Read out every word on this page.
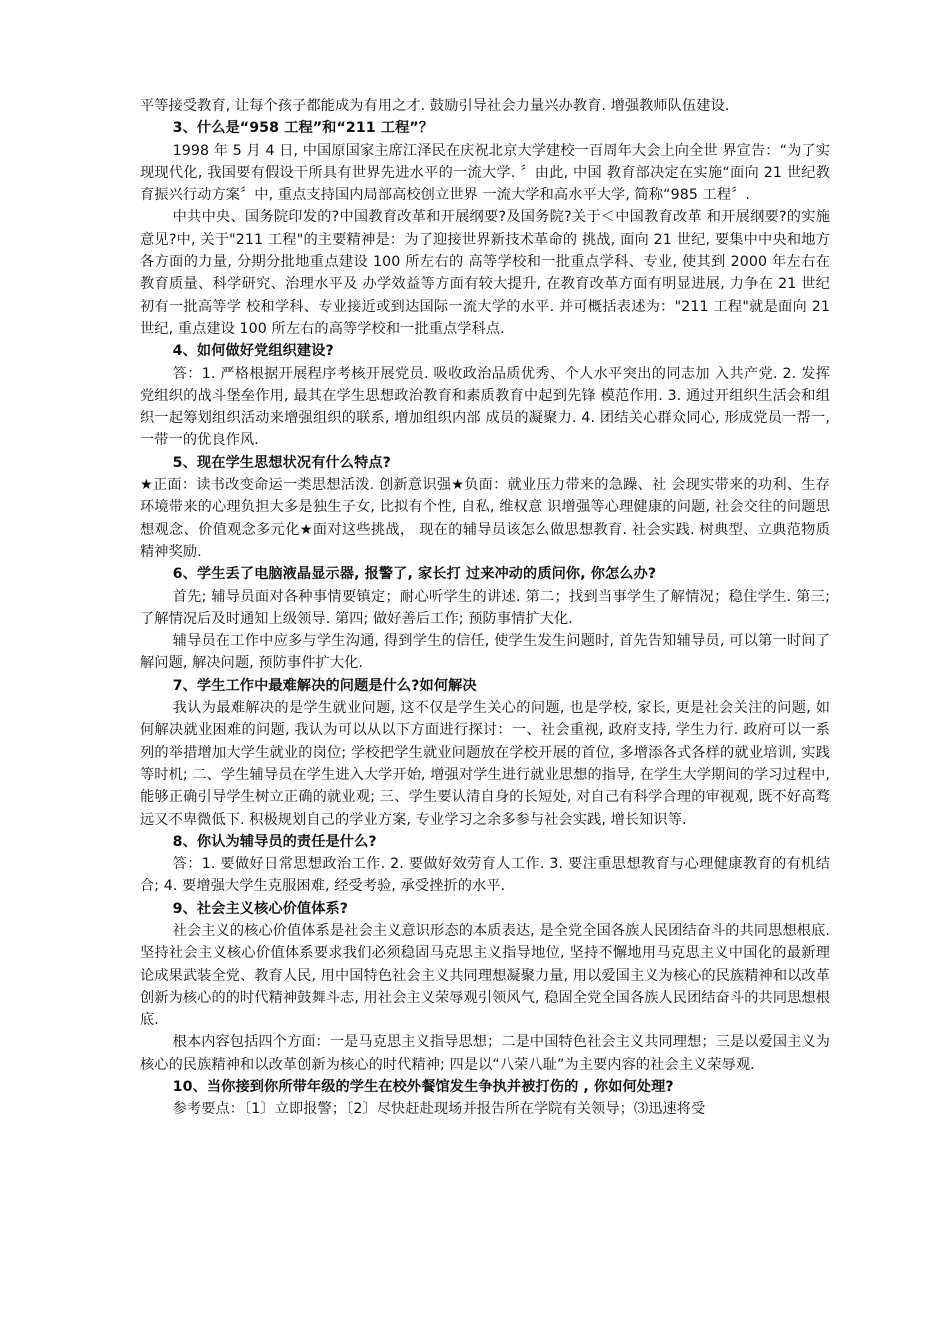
平等接受教育, 让每个孩子都能成为有用之才. 鼓励引导社会力量兴办教育. 增强教师队伍建设.

3、什么是“958 工程”和“211 工程”？

1998 年 5 月 4 日, 中国原国家主席江泽民在庆祝北京大学建校一百周年大会上向全世 界宣告：“为了实现现代化, 我国要有假设干所具有世界先进水平的一流大学. 〞由此, 中国 教育部决定在实施“面向 21 世纪教育振兴行动方案〞中, 重点支持国内局部高校创立世界 一流大学和高水平大学, 简称“985 工程〞.

中共中央、国务院印发的?中国教育改革和开展纲要?及国务院?关于＜中国教育改革 和开展纲要?的实施意见?中, 关于"211 工程"的主要精神是：为了迎接世界新技术革命的 挑战, 面向 21 世纪, 要集中中央和地方各方面的力量, 分期分批地重点建设 100 所左右的 高等学校和一批重点学科、专业, 使其到 2000 年左右在教育质量、科学研究、治理水平及 办学效益等方面有较大提升, 在教育改革方面有明显进展, 力争在 21 世纪初有一批高等学 校和学科、专业接近或到达国际一流大学的水平. 并可概括表述为："211 工程"就是面向 21 世纪, 重点建设 100 所左右的高等学校和一批重点学科点.

4、如何做好党组织建设?

答：1. 严格根据开展程序考核开展党员. 吸收政治品质优秀、个人水平突出的同志加 入共产党. 2. 发挥党组织的战斗堡垒作用, 最其在学生思想政治教育和素质教育中起到先锋 模范作用. 3. 通过开组织生活会和组织一起筹划组织活动来增强组织的联系, 增加组织内部 成员的凝聚力. 4. 团结关心群众同心, 形成党员一帮一, 一带一的优良作风.

5、现在学生思想状况有什么特点?

★正面：读书改变命运一类思想活泼. 创新意识强★负面：就业压力带来的急躁、社 会现实带来的功利、生存环境带来的心理负担大多是独生子女, 比拟有个性, 自私, 维权意 识增强等心理健康的问题, 社会交往的问题思想观念、价值观念多元化★面对这些挑战， 现在的辅导员该怎么做思想教育. 社会实践. 树典型、立典范物质精神奖励.

6、学生丢了电脑液晶显示器, 报警了, 家长打 过来冲动的质问你, 你怎么办?

首先; 辅导员面对各种事情要镇定；耐心听学生的讲述. 第二；找到当事学生了解情况；稳住学生. 第三; 了解情况后及时通知上级领导. 第四; 做好善后工作; 预防事情扩大化.

辅导员在工作中应多与学生沟通, 得到学生的信任, 使学生发生问题时, 首先告知辅导员, 可以第一时间了解问题, 解决问题, 预防事件扩大化.

7、学生工作中最难解决的问题是什么?如何解决

我认为最难解决的是学生就业问题, 这不仅是学生关心的问题, 也是学校, 家长, 更是社会关注的问题, 如何解决就业困难的问题, 我认为可以从以下方面进行探讨：一、社会重视, 政府支持, 学生力行. 政府可以一系列的举措增加大学生就业的岗位; 学校把学生就业问题放在学校开展的首位, 多增添各式各样的就业培训, 实践等时机; 二、学生辅导员在学生进入大学开始, 增强对学生进行就业思想的指导, 在学生大学期间的学习过程中, 能够正确引导学生树立正确的就业观; 三、学生要认清自身的长短处, 对自己有科学合理的审视观, 既不好高骛远又不卑微低下. 积极规划自己的学业方案, 专业学习之余多参与社会实践, 增长知识等.

8、你认为辅导员的责任是什么?

答：1. 要做好日常思想政治工作. 2. 要做好效劳育人工作. 3. 要注重思想教育与心理健康教育的有机结合; 4. 要增强大学生克服困难, 经受考验, 承受挫折的水平.

9、社会主义核心价值体系?

社会主义的核心价值体系是社会主义意识形态的本质表达, 是全党全国各族人民团结奋斗的共同思想根底. 坚持社会主义核心价值体系要求我们必须稳固马克思主义指导地位, 坚持不懈地用马克思主义中国化的最新理论成果武装全党、教育人民, 用中国特色社会主义共同理想凝聚力量, 用以爱国主义为核心的民族精神和以改革创新为核心的的时代精神鼓舞斗志, 用社会主义荣辱观引领风气, 稳固全党全国各族人民团结奋斗的共同思想根底.

根本内容包括四个方面：一是马克思主义指导思想；二是中国特色社会主义共同理想；三是以爱国主义为核心的民族精神和以改革创新为核心的时代精神; 四是以“八荣八耻”为主要内容的社会主义荣辱观.

10、当你接到你所带年级的学生在校外餐馆发生争执并被打伤的 , 你如何处理?

参考要点：〔1〕立即报警；〔2〕尽快赶赴现场并报告所在学院有关领导；⑶迅速将受
